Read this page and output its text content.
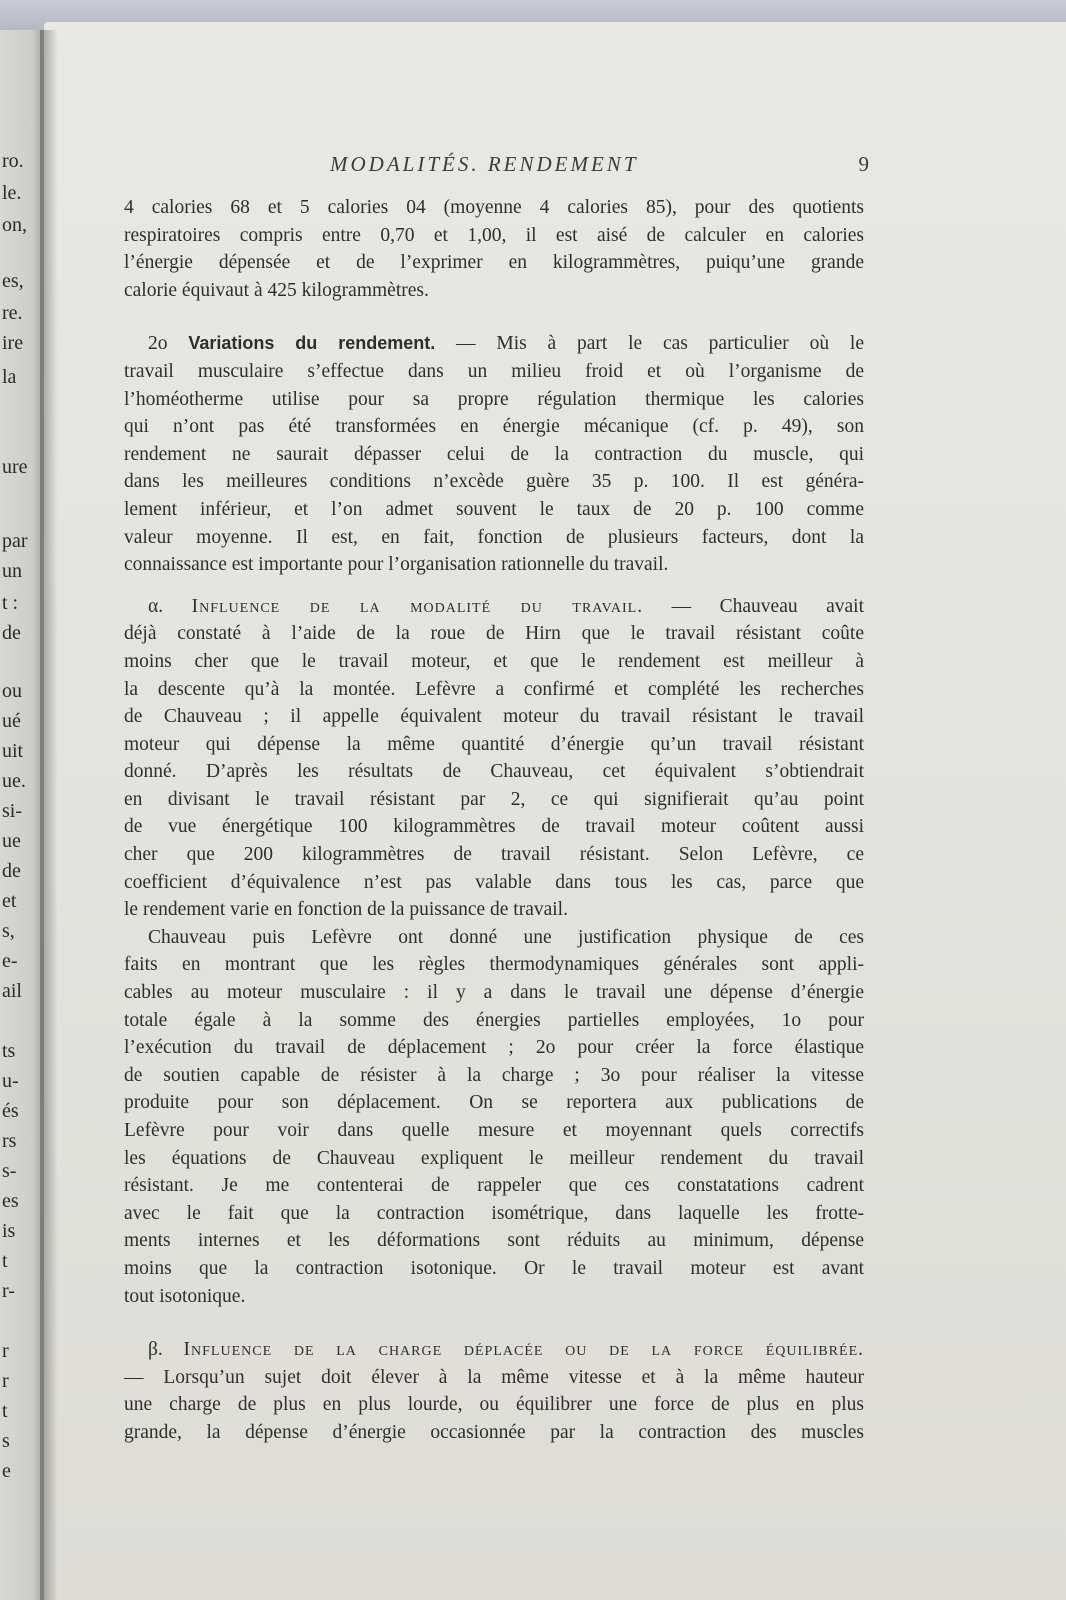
ro.
le.
on,
es,
re.
ire
la
ure
par
un
t :
de
ou
ué
uit
ue.
si-
ue
de
et
s,
e-
ail
ts
u-
és
rs
s-
es
is
t
r-
r
r
t
s
e
MODALITÉS. RENDEMENT	9
4 calories 68 et 5 calories 04 (moyenne 4 calories 85), pour des quotients
respiratoires compris entre 0,70 et 1,00, il est aisé de calculer en calories
l’énergie dépensée et de l’exprimer en kilogrammètres, puiqu’une grande
calorie équivaut à 425 kilogrammètres.
2o Variations du rendement. — Mis à part le cas particulier où le
travail musculaire s’effectue dans un milieu froid et où l’organisme de
l’homéotherme utilise pour sa propre régulation thermique les calories
qui n’ont pas été transformées en énergie mécanique (cf. p. 49), son
rendement ne saurait dépasser celui de la contraction du muscle, qui
dans les meilleures conditions n’excède guère 35 p. 100. Il est généra-
lement inférieur, et l’on admet souvent le taux de 20 p. 100 comme
valeur moyenne. Il est, en fait, fonction de plusieurs facteurs, dont la
connaissance est importante pour l’organisation rationnelle du travail.
α. Influence de la modalité du travail. — Chauveau avait
déjà constaté à l’aide de la roue de Hirn que le travail résistant coûte
moins cher que le travail moteur, et que le rendement est meilleur à
la descente qu’à la montée. Lefèvre a confirmé et complété les recherches
de Chauveau ; il appelle équivalent moteur du travail résistant le travail
moteur qui dépense la même quantité d’énergie qu’un travail résistant
donné. D’après les résultats de Chauveau, cet équivalent s’obtiendrait
en divisant le travail résistant par 2, ce qui signifierait qu’au point
de vue énergétique 100 kilogrammètres de travail moteur coûtent aussi
cher que 200 kilogrammètres de travail résistant. Selon Lefèvre, ce
coefficient d’équivalence n’est pas valable dans tous les cas, parce que
le rendement varie en fonction de la puissance de travail.
Chauveau puis Lefèvre ont donné une justification physique de ces
faits en montrant que les règles thermodynamiques générales sont appli-
cables au moteur musculaire : il y a dans le travail une dépense d’énergie
totale égale à la somme des énergies partielles employées, 1o pour
l’exécution du travail de déplacement ; 2o pour créer la force élastique
de soutien capable de résister à la charge ; 3o pour réaliser la vitesse
produite pour son déplacement. On se reportera aux publications de
Lefèvre pour voir dans quelle mesure et moyennant quels correctifs
les équations de Chauveau expliquent le meilleur rendement du travail
résistant. Je me contenterai de rappeler que ces constatations cadrent
avec le fait que la contraction isométrique, dans laquelle les frotte-
ments internes et les déformations sont réduits au minimum, dépense
moins que la contraction isotonique. Or le travail moteur est avant
tout isotonique.
β. Influence de la charge déplacée ou de la force équilibrée.
— Lorsqu’un sujet doit élever à la même vitesse et à la même hauteur
une charge de plus en plus lourde, ou équilibrer une force de plus en plus
grande, la dépense d’énergie occasionnée par la contraction des muscles
